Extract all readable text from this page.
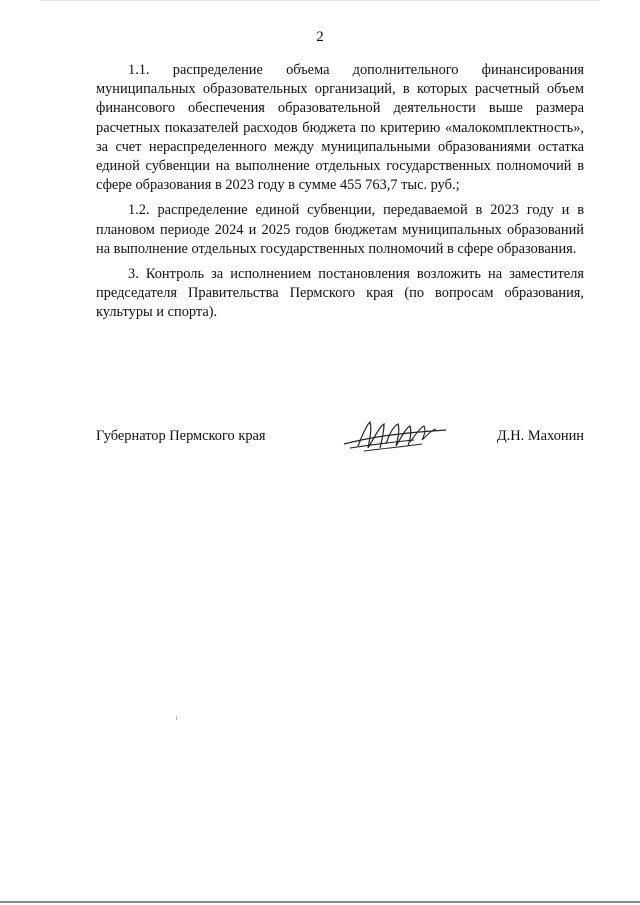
2

1.1. распределение объема дополнительного финансирования муниципальных образовательных организаций, в которых расчетный объем финансового обеспечения образовательной деятельности выше размера расчетных показателей расходов бюджета по критерию «малокомплектность», за счет нераспределенного между муниципальными образованиями остатка единой субвенции на выполнение отдельных государственных полномочий в сфере образования в 2023 году в сумме 455 763,7 тыс. руб.;

1.2. распределение единой субвенции, передаваемой в 2023 году и в плановом периоде 2024 и 2025 годов бюджетам муниципальных образований на выполнение отдельных государственных полномочий в сфере образования.

3. Контроль за исполнением постановления возложить на заместителя председателя Правительства Пермского края (по вопросам образования, культуры и спорта).

Губернатор Пермского края	Д.Н. Махонин
